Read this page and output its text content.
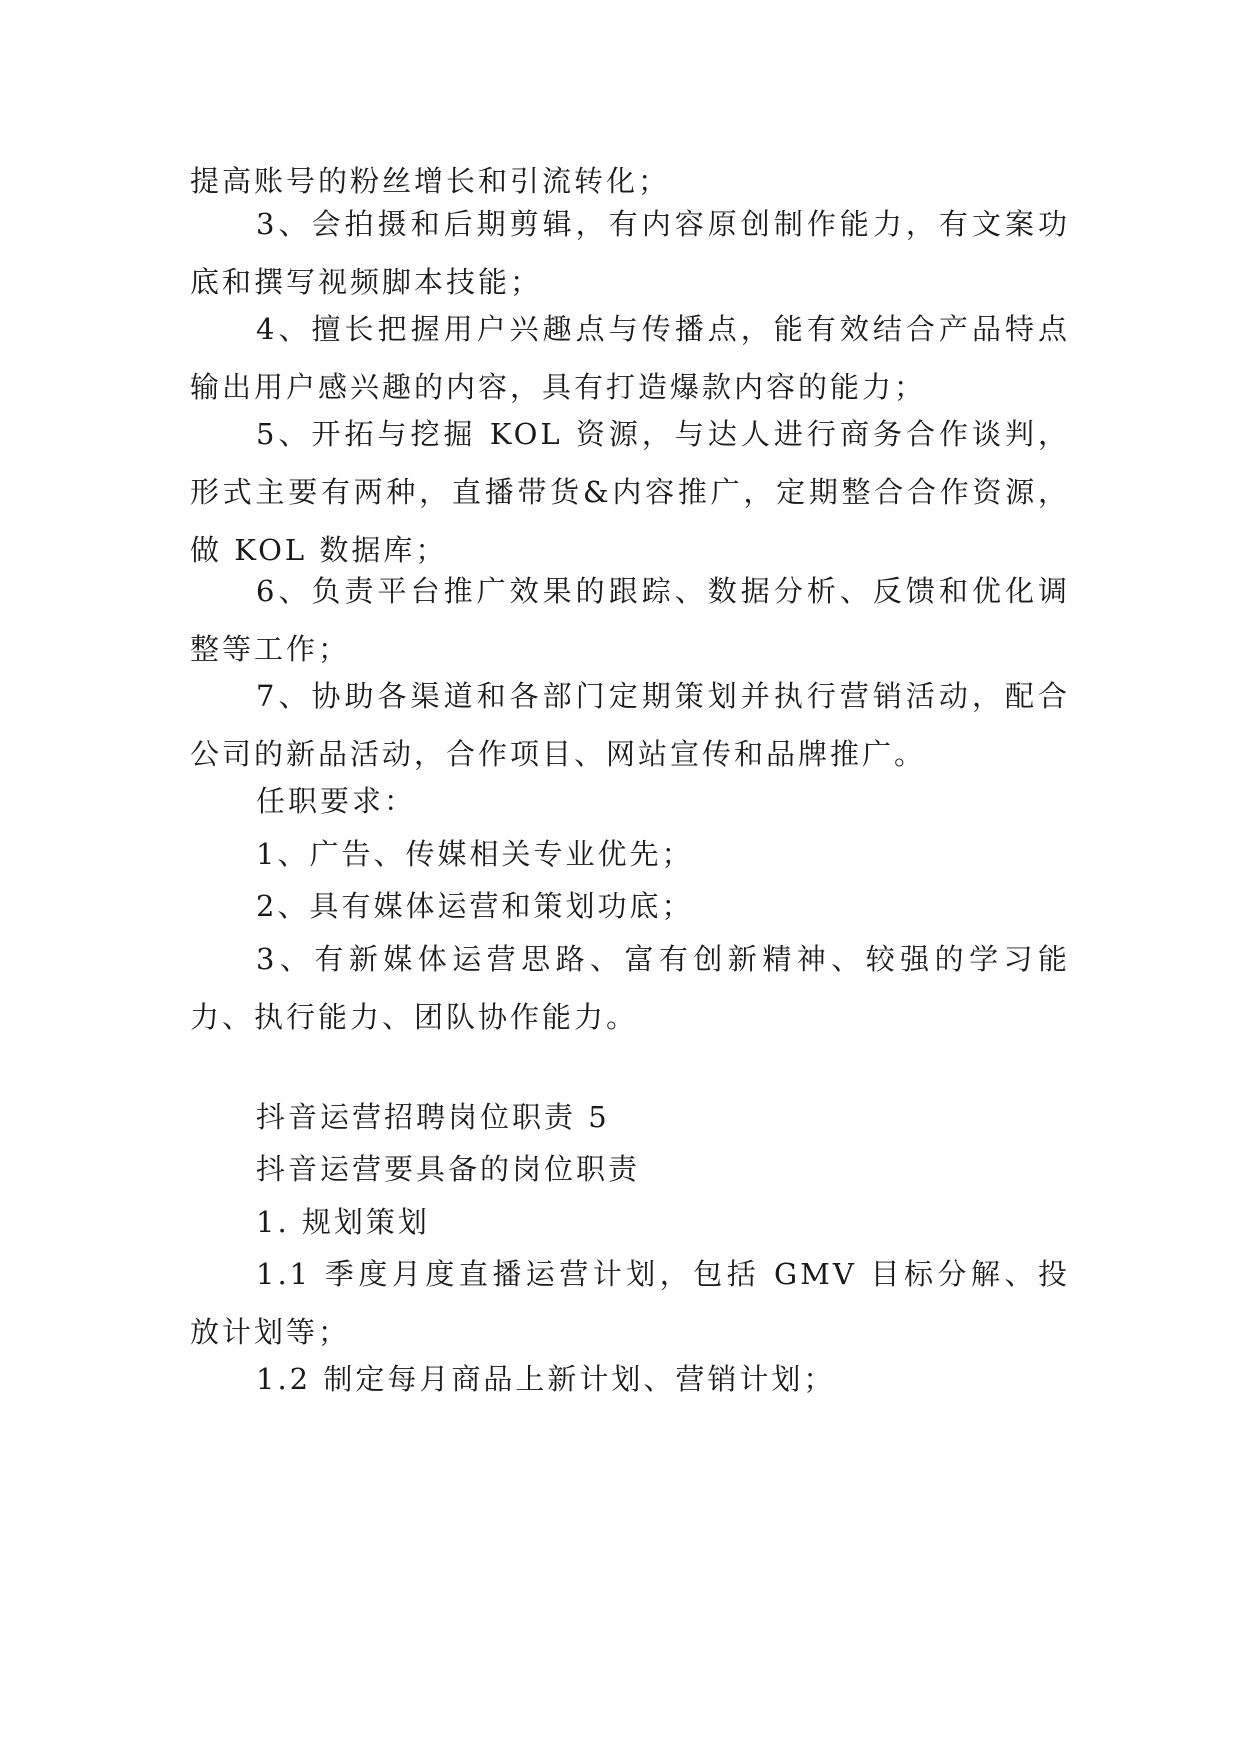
提高账号的粉丝增长和引流转化；

3、会拍摄和后期剪辑，有内容原创制作能力，有文案功底和撰写视频脚本技能；

4、擅长把握用户兴趣点与传播点，能有效结合产品特点输出用户感兴趣的内容，具有打造爆款内容的能力；

5、开拓与挖掘 KOL 资源，与达人进行商务合作谈判，形式主要有两种，直播带货&内容推广，定期整合合作资源，做 KOL 数据库；

6、负责平台推广效果的跟踪、数据分析、反馈和优化调整等工作；

7、协助各渠道和各部门定期策划并执行营销活动，配合公司的新品活动，合作项目、网站宣传和品牌推广。

任职要求：

1、广告、传媒相关专业优先；

2、具有媒体运营和策划功底；

3、有新媒体运营思路、富有创新精神、较强的学习能力、执行能力、团队协作能力。

抖音运营招聘岗位职责 5

抖音运营要具备的岗位职责

1. 规划策划

1.1 季度月度直播运营计划，包括 GMV 目标分解、投放计划等；

1.2 制定每月商品上新计划、营销计划；
